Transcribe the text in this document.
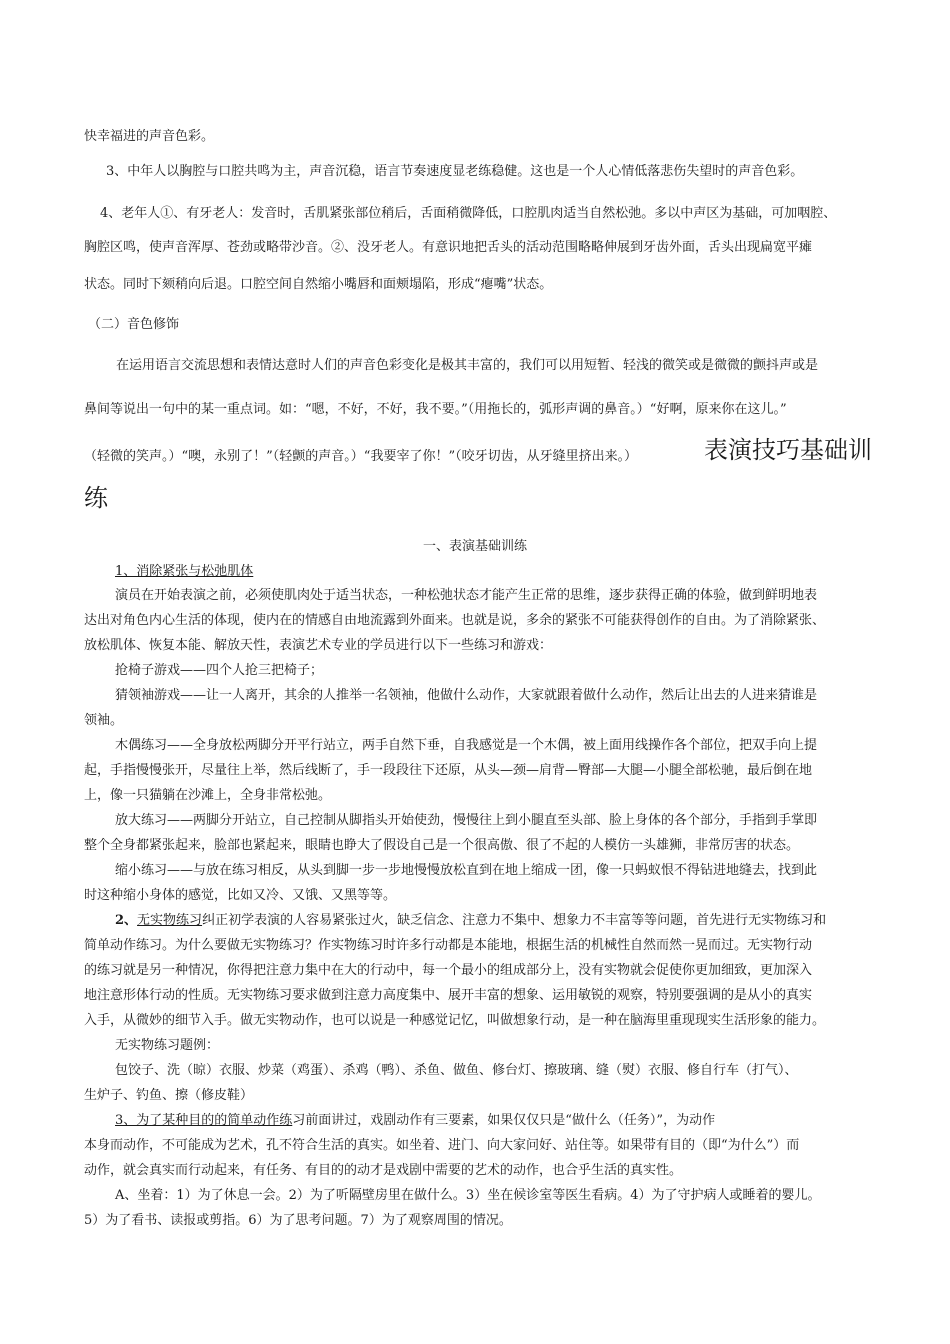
快幸福进的声音色彩。
3、中年人以胸腔与口腔共鸣为主，声音沉稳，语言节奏速度显老练稳健。这也是一个人心情低落悲伤失望时的声音色彩。
4、老年人①、有牙老人：发音时，舌肌紧张部位稍后，舌面稍微降低，口腔肌肉适当自然松弛。多以中声区为基础，可加咽腔、
胸腔区鸣，使声音浑厚、苍劲或略带沙音。②、没牙老人。有意识地把舌头的活动范围略略伸展到牙齿外面，舌头出现扁宽平瘫
状态。同时下颏稍向后退。口腔空间自然缩小嘴唇和面颊塌陷，形成“瘪嘴”状态。
（二）音色修饰
在运用语言交流思想和表情达意时人们的声音色彩变化是极其丰富的，我们可以用短暂、轻浅的微笑或是微微的颤抖声或是
鼻间等说出一句中的某一重点词。如：“嗯，不好，不好，我不要。”（用拖长的，弧形声调的鼻音。）“好啊，原来你在这儿。”
（轻微的笑声。）“噢，永别了！”（轻颤的声音。）“我要宰了你！”（咬牙切齿，从牙缝里挤出来。）	表演技巧基础训
练
一、表演基础训练
1、消除紧张与松弛肌体
演员在开始表演之前，必须使肌肉处于适当状态，一种松弛状态才能产生正常的思维，逐步获得正确的体验，做到鲜明地表
达出对角色内心生活的体现，使内在的情感自由地流露到外面来。也就是说，多余的紧张不可能获得创作的自由。为了消除紧张、
放松肌体、恢复本能、解放天性，表演艺术专业的学员进行以下一些练习和游戏：
抢椅子游戏——四个人抢三把椅子；
猜领袖游戏——让一人离开，其余的人推举一名领袖，他做什么动作，大家就跟着做什么动作，然后让出去的人进来猜谁是
领袖。
木偶练习——全身放松两脚分开平行站立，两手自然下垂，自我感觉是一个木偶，被上面用线操作各个部位，把双手向上提
起，手指慢慢张开，尽量往上举，然后线断了，手一段段往下还原，从头—颈—肩背—臀部—大腿—小腿全部松驰，最后倒在地
上，像一只猫躺在沙滩上，全身非常松弛。
放大练习——两脚分开站立，自己控制从脚指头开始使劲，慢慢往上到小腿直至头部、脸上身体的各个部分，手指到手掌即
整个全身都紧张起来，脸部也紧起来，眼睛也睁大了假设自己是一个很高傲、很了不起的人模仿一头雄狮，非常厉害的状态。
缩小练习——与放在练习相反，从头到脚一步一步地慢慢放松直到在地上缩成一团，像一只蚂蚁恨不得钻进地缝去，找到此
时这种缩小身体的感觉，比如又冷、又饿、又黑等等。
2、无实物练习纠正初学表演的人容易紧张过火，缺乏信念、注意力不集中、想象力不丰富等等问题，首先进行无实物练习和
简单动作练习。为什么要做无实物练习？作实物练习时许多行动都是本能地，根据生活的机械性自然而然一晃而过。无实物行动
的练习就是另一种情况，你得把注意力集中在大的行动中，每一个最小的组成部分上，没有实物就会促使你更加细致，更加深入
地注意形体行动的性质。无实物练习要求做到注意力高度集中、展开丰富的想象、运用敏锐的观察，特别要强调的是从小的真实
入手，从微妙的细节入手。做无实物动作，也可以说是一种感觉记忆，叫做想象行动，是一种在脑海里重现现实生活形象的能力。
无实物练习题例：
包饺子、洗（晾）衣服、炒菜（鸡蛋）、杀鸡（鸭）、杀鱼、做鱼、修台灯、擦玻璃、缝（熨）衣服、修自行车（打气）、
生炉子、钓鱼、擦（修皮鞋）
3、为了某种目的的简单动作练习前面讲过，戏剧动作有三要素，如果仅仅只是“做什么（任务）”，为动作
本身而动作，不可能成为艺术，孔不符合生活的真实。如坐着、进门、向大家问好、站住等。如果带有目的（即“为什么”）而
动作，就会真实而行动起来，有任务、有目的的动才是戏剧中需要的艺术的动作，也合乎生活的真实性。
A、坐着：1）为了休息一会。2）为了听隔壁房里在做什么。3）坐在候诊室等医生看病。4）为了守护病人或睡着的婴儿。
5）为了看书、读报或剪指。6）为了思考问题。7）为了观察周围的情况。
